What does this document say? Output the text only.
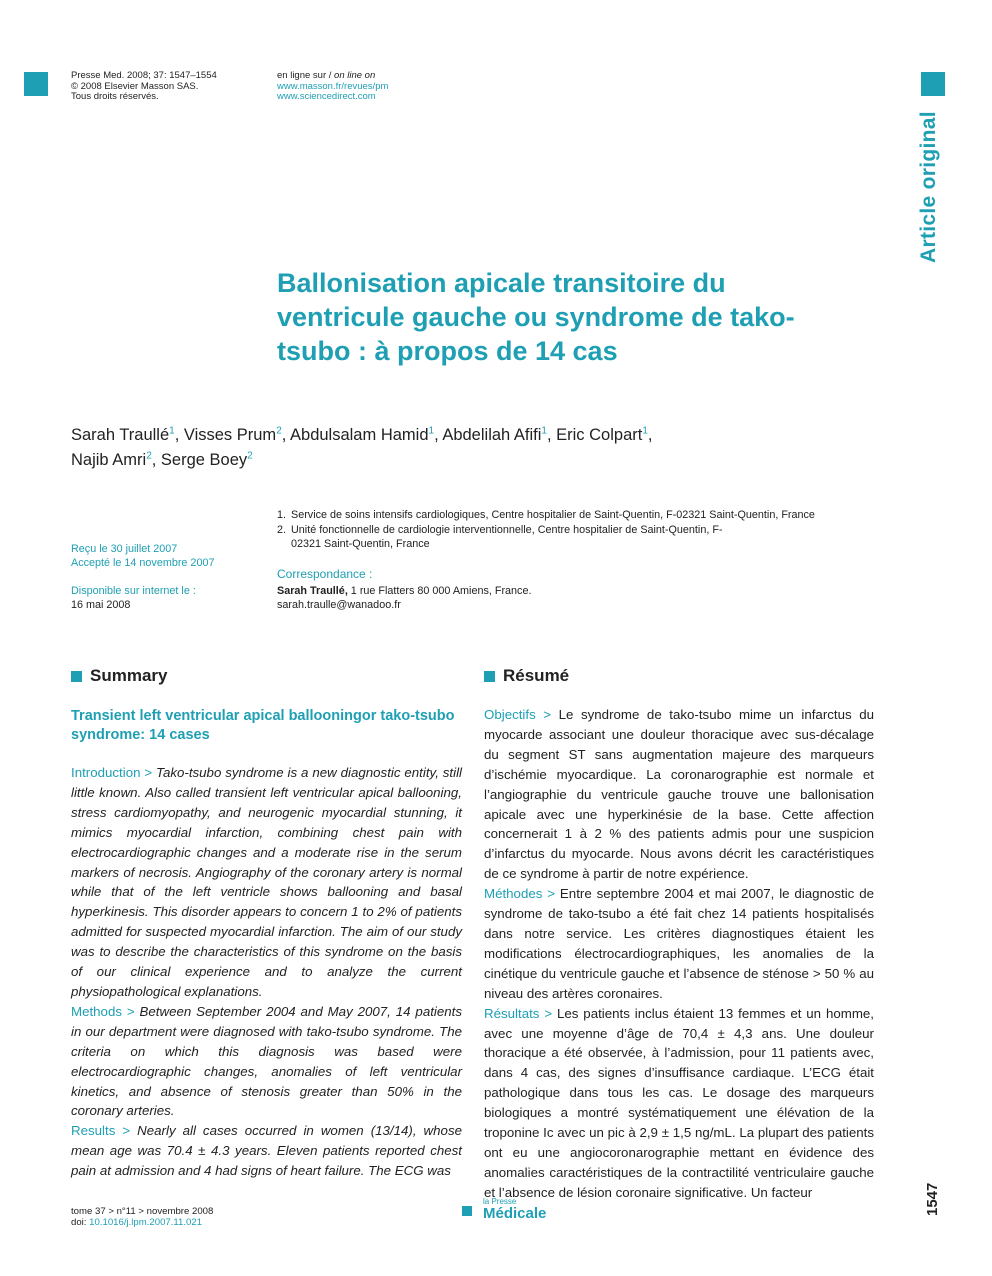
Presse Med. 2008; 37: 1547–1554
© 2008 Elsevier Masson SAS.
Tous droits réservés.
en ligne sur / on line on
www.masson.fr/revues/pm
www.sciencedirect.com
Article original
Ballonisation apicale transitoire du ventricule gauche ou syndrome de tako-tsubo : à propos de 14 cas
Sarah Traullé$^1$, Visses Prum$^2$, Abdulsalam Hamid$^1$, Abdelilah Afifi$^1$, Eric Colpart$^1$,
Najib Amri$^2$, Serge Boey$^2$
1. Service de soins intensifs cardiologiques, Centre hospitalier de Saint-Quentin, F-02321 Saint-Quentin, France
2. Unité fonctionnelle de cardiologie interventionnelle, Centre hospitalier de Saint-Quentin, F-02321 Saint-Quentin, France
Reçu le 30 juillet 2007
Accepté le 14 novembre 2007
Disponible sur internet le :
16 mai 2008
Correspondance :
Sarah Traullé, 1 rue Flatters 80 000 Amiens, France.
sarah.traulle@wanadoo.fr
Summary	Résumé
Transient left ventricular apical ballooningor tako-tsubo syndrome: 14 cases

Introduction > Tako-tsubo syndrome is a new diagnostic entity, still little known. Also called transient left ventricular apical ballooning, stress cardiomyopathy, and neurogenic myocardial stunning, it mimics myocardial infarction, combining chest pain with electrocardiographic changes and a moderate rise in the serum markers of necrosis. Angiography of the coronary artery is normal while that of the left ventricle shows ballooning and basal hyperkinesis. This disorder appears to concern 1 to 2% of patients admitted for suspected myocardial infarction. The aim of our study was to describe the characteristics of this syndrome on the basis of our clinical experience and to analyze the current physiopathological explanations.

Methods > Between September 2004 and May 2007, 14 patients in our department were diagnosed with tako-tsubo syndrome. The criteria on which this diagnosis was based were electrocardiographic changes, anomalies of left ventricular kinetics, and absence of stenosis greater than 50% in the coronary arteries.

Results > Nearly all cases occurred in women (13/14), whose mean age was 70.4 ± 4.3 years. Eleven patients reported chest pain at admission and 4 had signs of heart failure. The ECG was

Objectifs > Le syndrome de tako-tsubo mime un infarctus du myocarde associant une douleur thoracique avec sus-décalage du segment ST sans augmentation majeure des marqueurs d’ischémie myocardique. La coronarographie est normale et l’angiographie du ventricule gauche trouve une ballonisation apicale avec une hyperkinésie de la base. Cette affection concernerait 1 à 2 % des patients admis pour une suspicion d’infarctus du myocarde. Nous avons décrit les caractéristiques de ce syndrome à partir de notre expérience.

Méthodes > Entre septembre 2004 et mai 2007, le diagnostic de syndrome de tako-tsubo a été fait chez 14 patients hospitalisés dans notre service. Les critères diagnostiques étaient les modifications électrocardiographiques, les anomalies de la cinétique du ventricule gauche et l’absence de sténose > 50 % au niveau des artères coronaires.

Résultats > Les patients inclus étaient 13 femmes et un homme, avec une moyenne d’âge de 70,4 ± 4,3 ans. Une douleur thoracique a été observée, à l’admission, pour 11 patients avec, dans 4 cas, des signes d’insuffisance cardiaque. L’ECG était pathologique dans tous les cas. Le dosage des marqueurs biologiques a montré systématiquement une élévation de la troponine Ic avec un pic à 2,9 ± 1,5 ng/mL. La plupart des patients ont eu une angiocoronarographie mettant en évidence des anomalies caractéristiques de la contractilité ventriculaire gauche et l’absence de lésion coronaire significative. Un facteur

tome 37 > n°11 > novembre 2008
doi: 10.1016/j.lpm.2007.11.021
la Presse
Médicale	1547
